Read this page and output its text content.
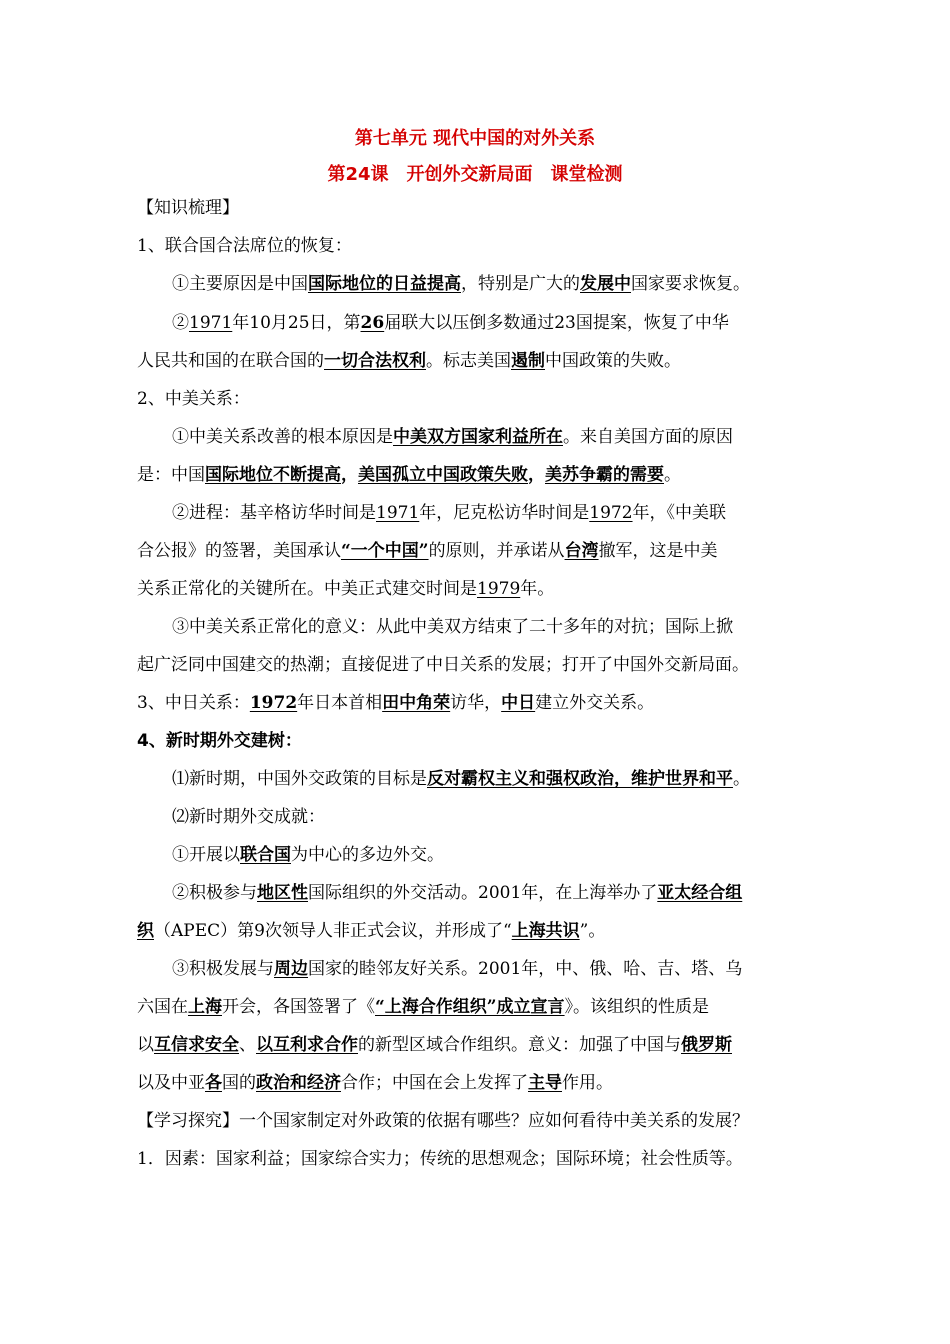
第七单元 现代中国的对外关系
第24课　开创外交新局面　课堂检测
【知识梳理】
1、联合国合法席位的恢复：
①主要原因是中国国际地位的日益提高，特别是广大的发展中国家要求恢复。
②1971年10月25日，第26届联大以压倒多数通过23国提案，恢复了中华
人民共和国的在联合国的一切合法权利。标志美国遏制中国政策的失败。
2、中美关系：
①中美关系改善的根本原因是中美双方国家利益所在。来自美国方面的原因
是：中国国际地位不断提高，美国孤立中国政策失败，美苏争霸的需要。
②进程：基辛格访华时间是1971年，尼克松访华时间是1972年，《中美联
合公报》的签署，美国承认“一个中国”的原则，并承诺从台湾撤军，这是中美
关系正常化的关键所在。中美正式建交时间是1979年。
③中美关系正常化的意义：从此中美双方结束了二十多年的对抗；国际上掀
起广泛同中国建交的热潮；直接促进了中日关系的发展；打开了中国外交新局面。
3、中日关系：1972年日本首相田中角荣访华，中日建立外交关系。
4、新时期外交建树：
⑴新时期，中国外交政策的目标是反对霸权主义和强权政治，维护世界和平。
⑵新时期外交成就：
①开展以联合国为中心的多边外交。
②积极参与地区性国际组织的外交活动。2001年，在上海举办了亚太经合组
织（APEC）第9次领导人非正式会议，并形成了“上海共识”。
③积极发展与周边国家的睦邻友好关系。2001年，中、俄、哈、吉、塔、乌
六国在上海开会，各国签署了《“上海合作组织”成立宣言》。该组织的性质是
以互信求安全、以互利求合作的新型区域合作组织。意义：加强了中国与俄罗斯
以及中亚各国的政治和经济合作；中国在会上发挥了主导作用。
【学习探究】一个国家制定对外政策的依据有哪些？应如何看待中美关系的发展？
1．因素：国家利益；国家综合实力；传统的思想观念；国际环境；社会性质等。
